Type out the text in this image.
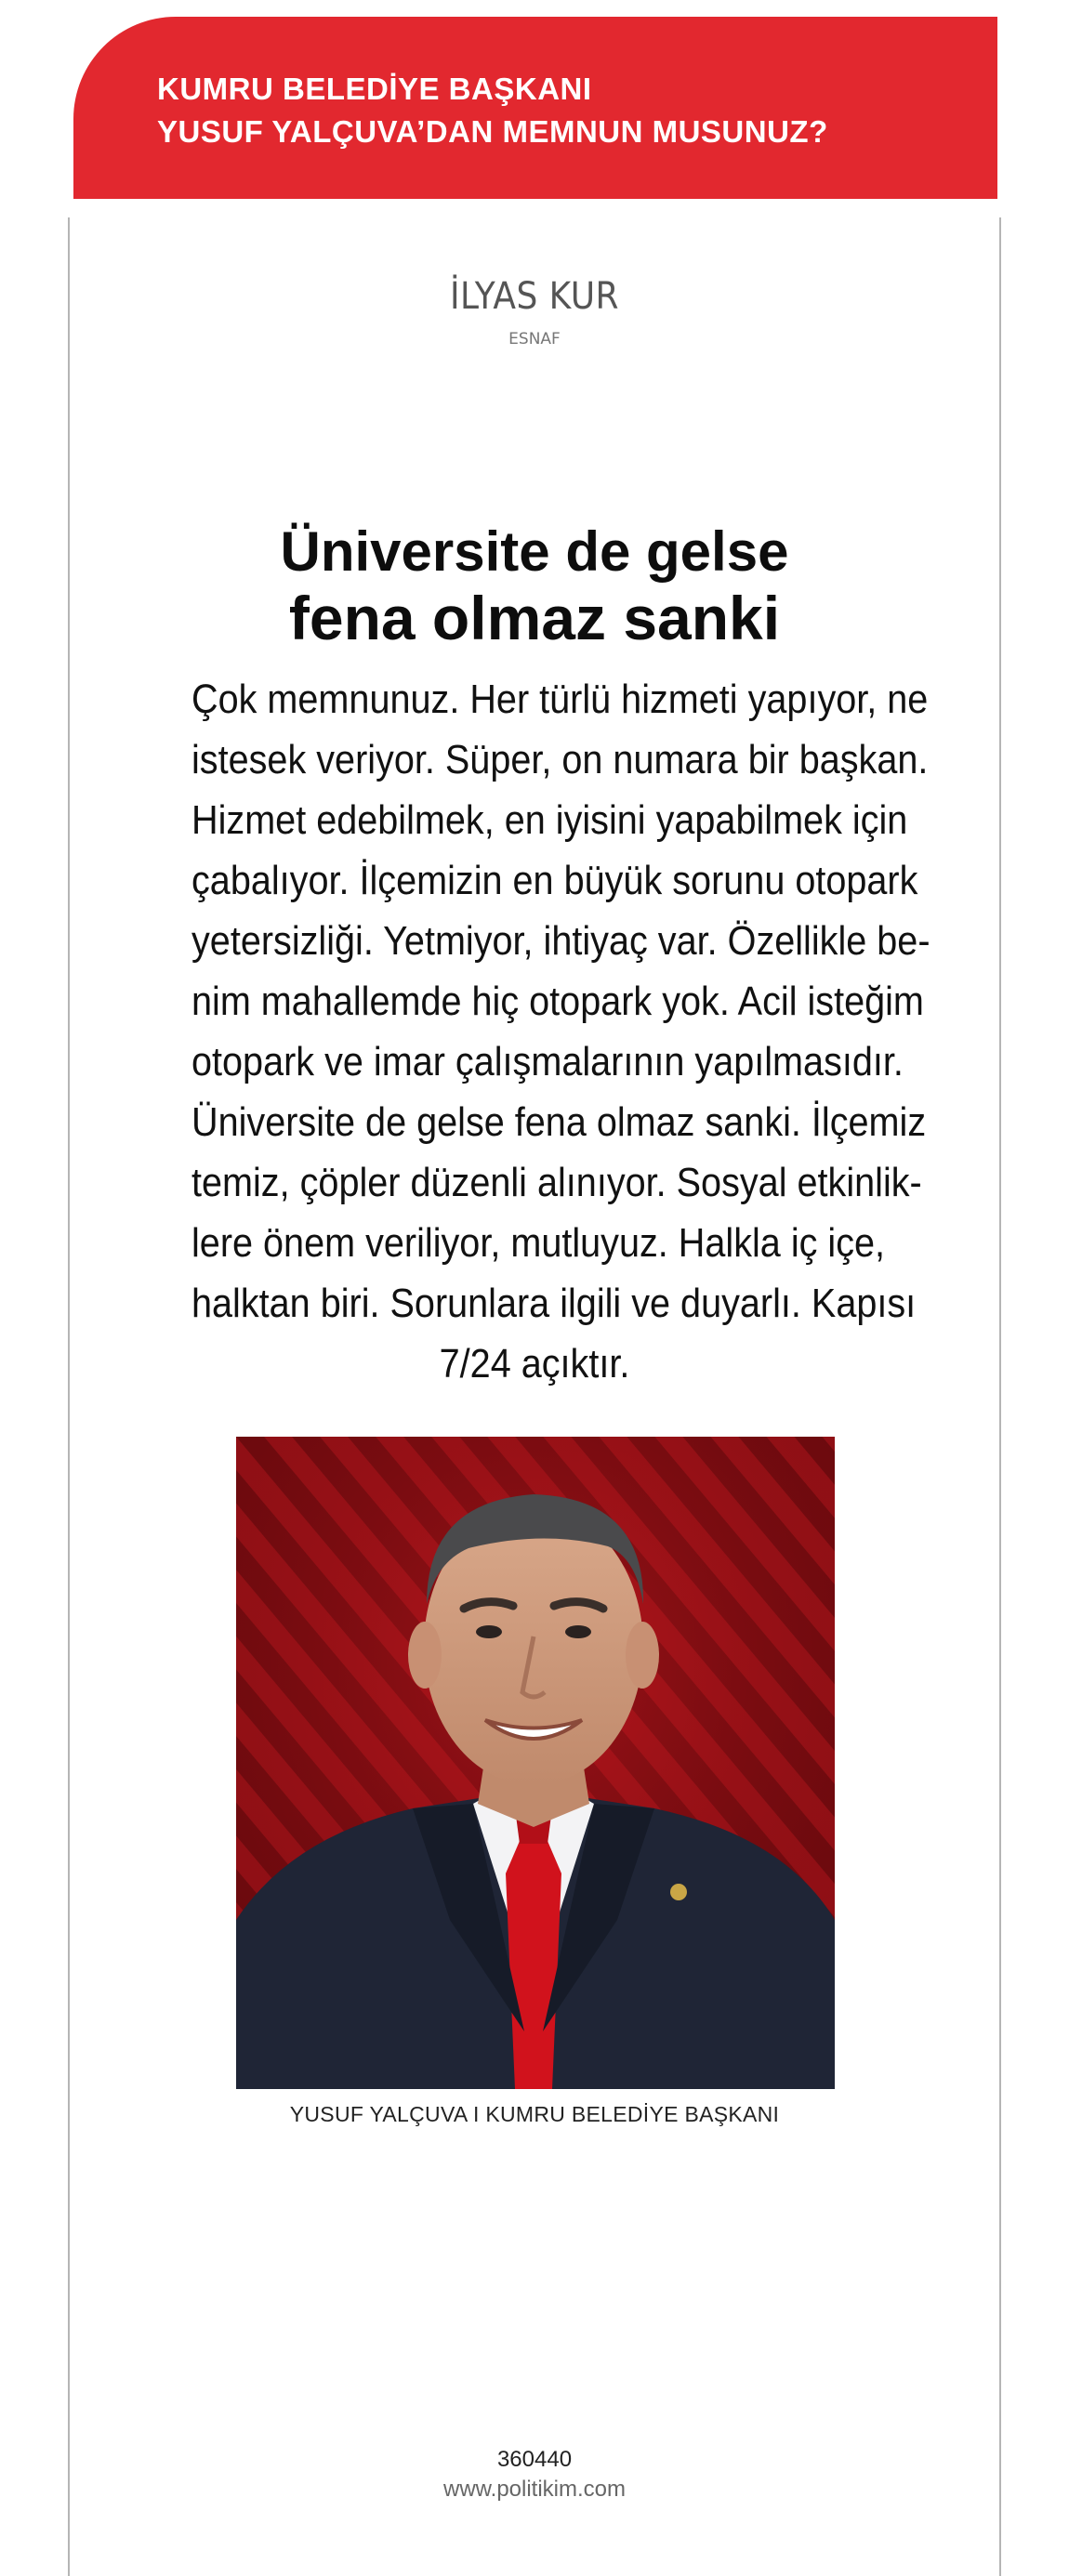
KUMRU BELEDİYE BAŞKANI
YUSUF YALÇUVA’DAN MEMNUN MUSUNUZ?
İLYAS KUR
ESNAF
Üniversite de gelse
fena olmaz sanki
Çok memnunuz. Her türlü hizmeti yapıyor, ne
istesek veriyor. Süper, on numara bir başkan.
Hizmet edebilmek, en iyisini yapabilmek için
çabalıyor. İlçemizin en büyük sorunu otopark
yetersizliği. Yetmiyor, ihtiyaç var. Özellikle be-
nim mahallemde hiç otopark yok. Acil isteğim
otopark ve imar çalışmalarının yapılmasıdır.
Üniversite de gelse fena olmaz sanki. İlçemiz
temiz, çöpler düzenli alınıyor. Sosyal etkinlik-
lere önem veriliyor, mutluyuz. Halkla iç içe,
halktan biri. Sorunlara ilgili ve duyarlı. Kapısı
7/24 açıktır.
YUSUF YALÇUVA I KUMRU BELEDİYE BAŞKANI
360440
www.politikim.com
